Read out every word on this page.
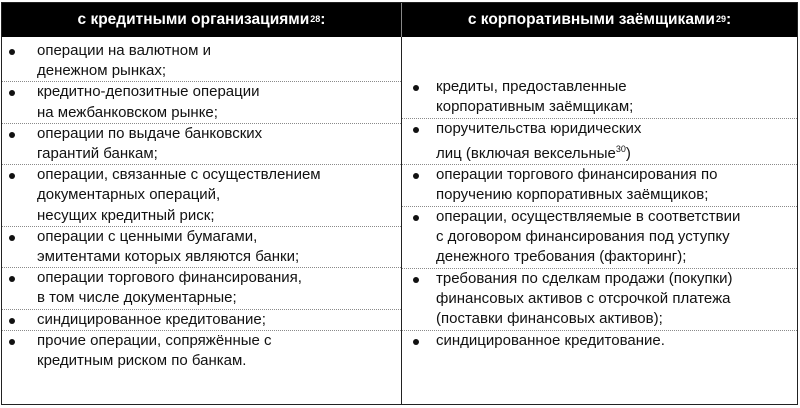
с кредитными организациями$^{28}$ :	с корпоративными заёмщиками$^{29}$ :
операции на валютном и
денежном рынках;
кредитно-депозитные операции
на межбанковском рынке;
операции по выдаче банковских
гарантий банкам;
операции, связанные с осуществлением
документарных операций,
несущих кредитный риск;
операции с ценными бумагами,
эмитентами которых являются банки;
операции торгового финансирования,
в том числе документарные;
синдицированное кредитование;
прочие операции, сопряжённые с
кредитным риском по банкам.
кредиты, предоставленные
корпоративным заёмщикам;
поручительства юридических
лиц (включая вексельные$^{30}$)
операции торгового финансирования по
поручению корпоративных заёмщиков;
операции, осуществляемые в соответствии
с договором финансирования под уступку
денежного требования (факторинг);
требования по сделкам продажи (покупки)
финансовых активов с отсрочкой платежа
(поставки финансовых активов);
синдицированное кредитование.
